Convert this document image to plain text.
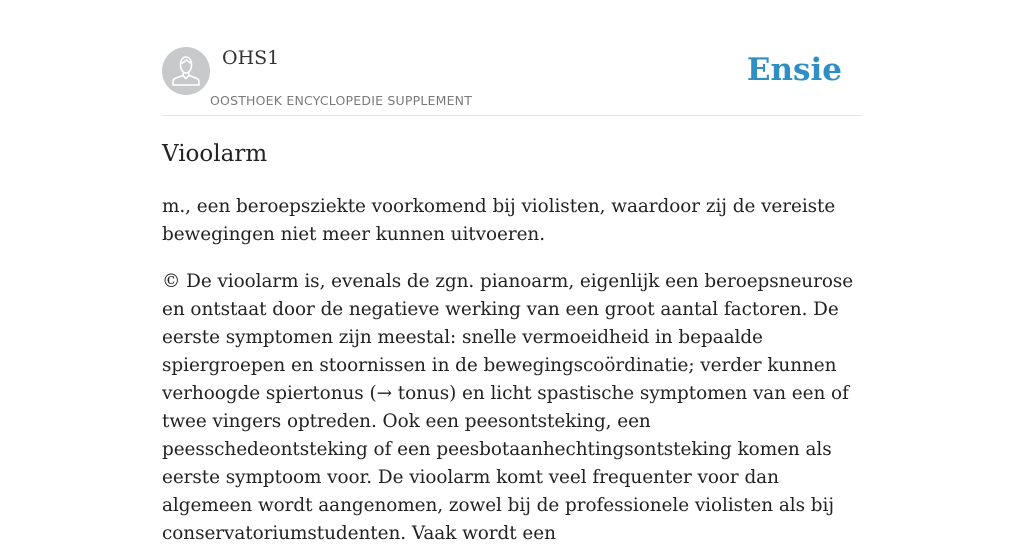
OHS1
OOSTHOEK ENCYCLOPEDIE SUPPLEMENT
Ensie
Vioolarm

m., een beroepsziekte voorkomend bij violisten, waardoor zij de vereiste bewegingen niet meer kunnen uitvoeren.

© De vioolarm is, evenals de zgn. pianoarm, eigenlijk een beroepsneurose en ontstaat door de negatieve werking van een groot aantal factoren. De eerste symptomen zijn meestal: snelle vermoeidheid in bepaalde spiergroepen en stoornissen in de bewegingscoördinatie; verder kunnen verhoogde spiertonus (→ tonus) en licht spastische symptomen van een of twee vingers optreden. Ook een peesontsteking, een peesschedeontsteking of een peesbotaanhechtingsontsteking komen als eerste symptoom voor. De vioolarm komt veel frequenter voor dan algemeen wordt aangenomen, zowel bij de professionele violisten als bij conservatoriumstudenten. Vaak wordt een
